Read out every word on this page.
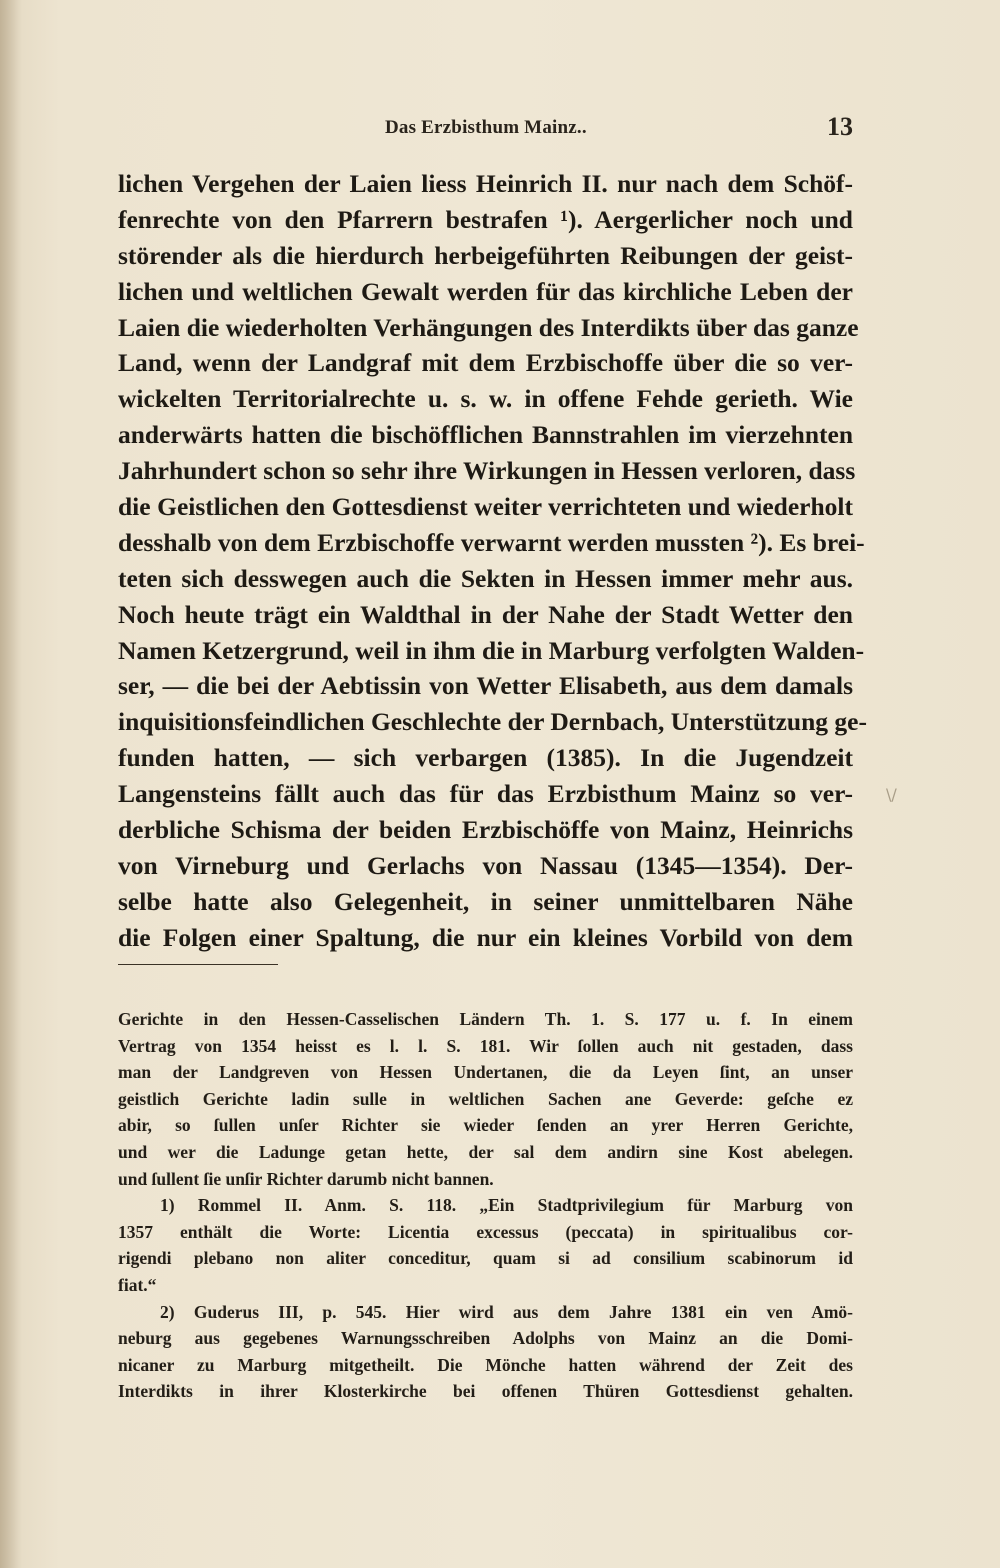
Das Erzbisthum Mainz..	13
lichen Vergehen der Laien liess Heinrich II. nur nach dem Schöf-
fenrechte von den Pfarrern bestrafen ¹). Aergerlicher noch und
störender als die hierdurch herbeigeführten Reibungen der geist-
lichen und weltlichen Gewalt werden für das kirchliche Leben der
Laien die wiederholten Verhängungen des Interdikts über das ganze
Land, wenn der Landgraf mit dem Erzbischoffe über die so ver-
wickelten Territorialrechte u. s. w. in offene Fehde gerieth. Wie
anderwärts hatten die bischöfflichen Bannstrahlen im vierzehnten
Jahrhundert schon so sehr ihre Wirkungen in Hessen verloren, dass
die Geistlichen den Gottesdienst weiter verrichteten und wiederholt
desshalb von dem Erzbischoffe verwarnt werden mussten ²). Es brei-
teten sich desswegen auch die Sekten in Hessen immer mehr aus.
Noch heute trägt ein Waldthal in der Nahe der Stadt Wetter den
Namen Ketzergrund, weil in ihm die in Marburg verfolgten Walden-
ser, — die bei der Aebtissin von Wetter Elisabeth, aus dem damals
inquisitionsfeindlichen Geschlechte der Dernbach, Unterstützung ge-
funden hatten, — sich verbargen (1385). In die Jugendzeit
Langensteins fällt auch das für das Erzbisthum Mainz so ver-
derbliche Schisma der beiden Erzbischöffe von Mainz, Heinrichs
von Virneburg und Gerlachs von Nassau (1345—1354). Der-
selbe hatte also Gelegenheit, in seiner unmittelbaren Nähe
die Folgen einer Spaltung, die nur ein kleines Vorbild von dem
Gerichte in den Hessen-Casselischen Ländern Th. 1. S. 177 u. f. In einem
Vertrag von 1354 heisst es l. l. S. 181. Wir ſollen auch nit gestaden, dass
man der Landgreven von Hessen Undertanen, die da Leyen ſint, an unser
geistlich Gerichte ladin sulle in weltlichen Sachen ane Geverde: geſche ez
abir, so ſullen unſer Richter sie wieder ſenden an yrer Herren Gerichte,
und wer die Ladunge getan hette, der sal dem andirn sine Kost abelegen.
und ſullent ſie unſir Richter darumb nicht bannen.
1) Rommel II. Anm. S. 118. „Ein Stadtprivilegium für Marburg von
1357 enthält die Worte: Licentia excessus (peccata) in spiritualibus cor-
rigendi plebano non aliter conceditur, quam si ad consilium scabinorum id
fiat.“
2) Guderus III, p. 545. Hier wird aus dem Jahre 1381 ein ven Amö-
neburg aus gegebenes Warnungsschreiben Adolphs von Mainz an die Domi-
nicaner zu Marburg mitgetheilt. Die Mönche hatten während der Zeit des
Interdikts in ihrer Klosterkirche bei offenen Thüren Gottesdienst gehalten.
\/
